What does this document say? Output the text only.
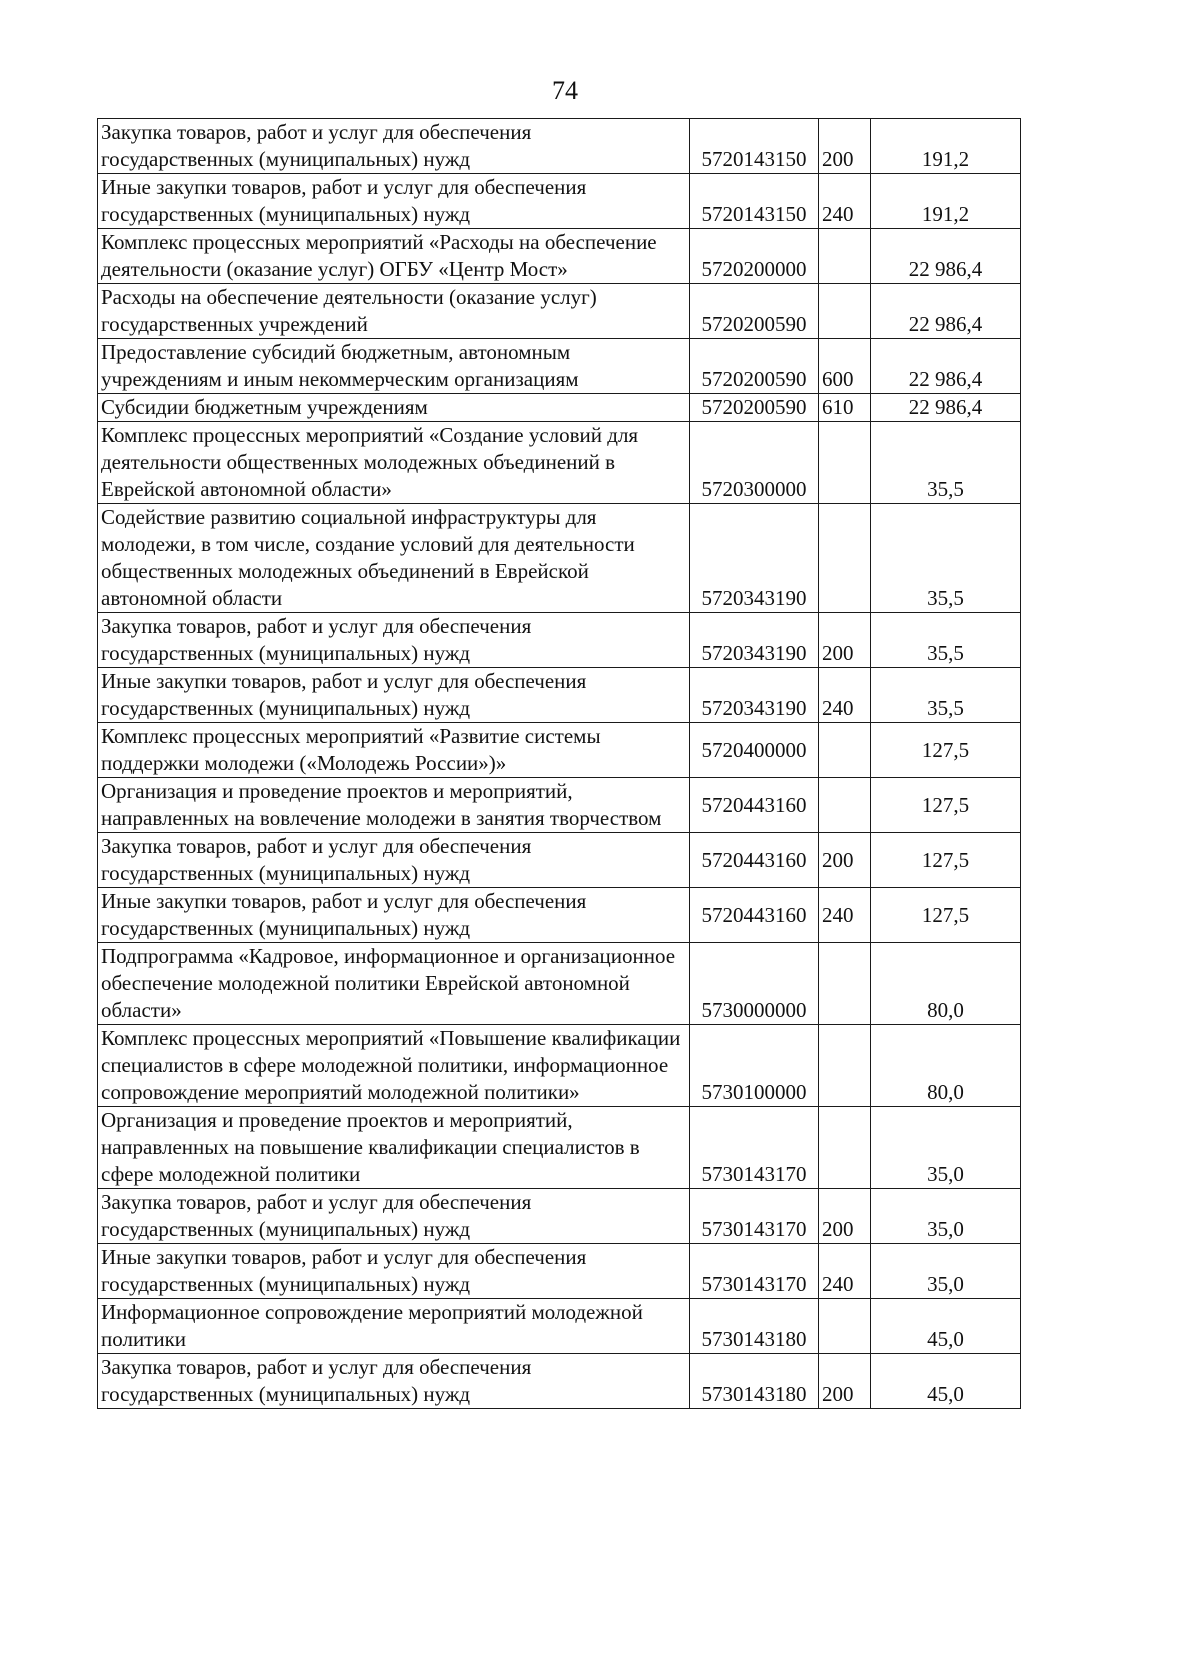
74
Закупка товаров, работ и услуг для обеспечения государственных (муниципальных) нужд	5720143150	200	191,2
Иные закупки товаров, работ и услуг для обеспечения государственных (муниципальных) нужд	5720143150	240	191,2
Комплекс процессных мероприятий «Расходы на обеспечение деятельности (оказание услуг) ОГБУ «Центр Мост»	5720200000		22 986,4
Расходы на обеспечение деятельности (оказание услуг) государственных учреждений	5720200590		22 986,4
Предоставление субсидий бюджетным, автономным учреждениям и иным некоммерческим организациям	5720200590	600	22 986,4
Субсидии бюджетным учреждениям	5720200590	610	22 986,4
Комплекс процессных мероприятий «Создание условий для деятельности общественных молодежных объединений в Еврейской автономной области»	5720300000		35,5
Содействие развитию социальной инфраструктуры для молодежи, в том числе, создание условий для деятельности общественных молодежных объединений в Еврейской автономной области	5720343190		35,5
Закупка товаров, работ и услуг для обеспечения государственных (муниципальных) нужд	5720343190	200	35,5
Иные закупки товаров, работ и услуг для обеспечения государственных (муниципальных) нужд	5720343190	240	35,5
Комплекс процессных мероприятий «Развитие системы поддержки молодежи («Молодежь России»)»	5720400000		127,5
Организация и проведение проектов и мероприятий, направленных на вовлечение молодежи в занятия творчеством	5720443160		127,5
Закупка товаров, работ и услуг для обеспечения государственных (муниципальных) нужд	5720443160	200	127,5
Иные закупки товаров, работ и услуг для обеспечения государственных (муниципальных) нужд	5720443160	240	127,5
Подпрограмма «Кадровое, информационное и организационное обеспечение молодежной политики Еврейской автономной области»	5730000000		80,0
Комплекс процессных мероприятий «Повышение квалификации специалистов в сфере молодежной политики, информационное сопровождение мероприятий молодежной политики»	5730100000		80,0
Организация и проведение проектов и мероприятий, направленных на повышение квалификации специалистов в сфере молодежной политики	5730143170		35,0
Закупка товаров, работ и услуг для обеспечения государственных (муниципальных) нужд	5730143170	200	35,0
Иные закупки товаров, работ и услуг для обеспечения государственных (муниципальных) нужд	5730143170	240	35,0
Информационное сопровождение мероприятий молодежной политики	5730143180		45,0
Закупка товаров, работ и услуг для обеспечения государственных (муниципальных) нужд	5730143180	200	45,0
